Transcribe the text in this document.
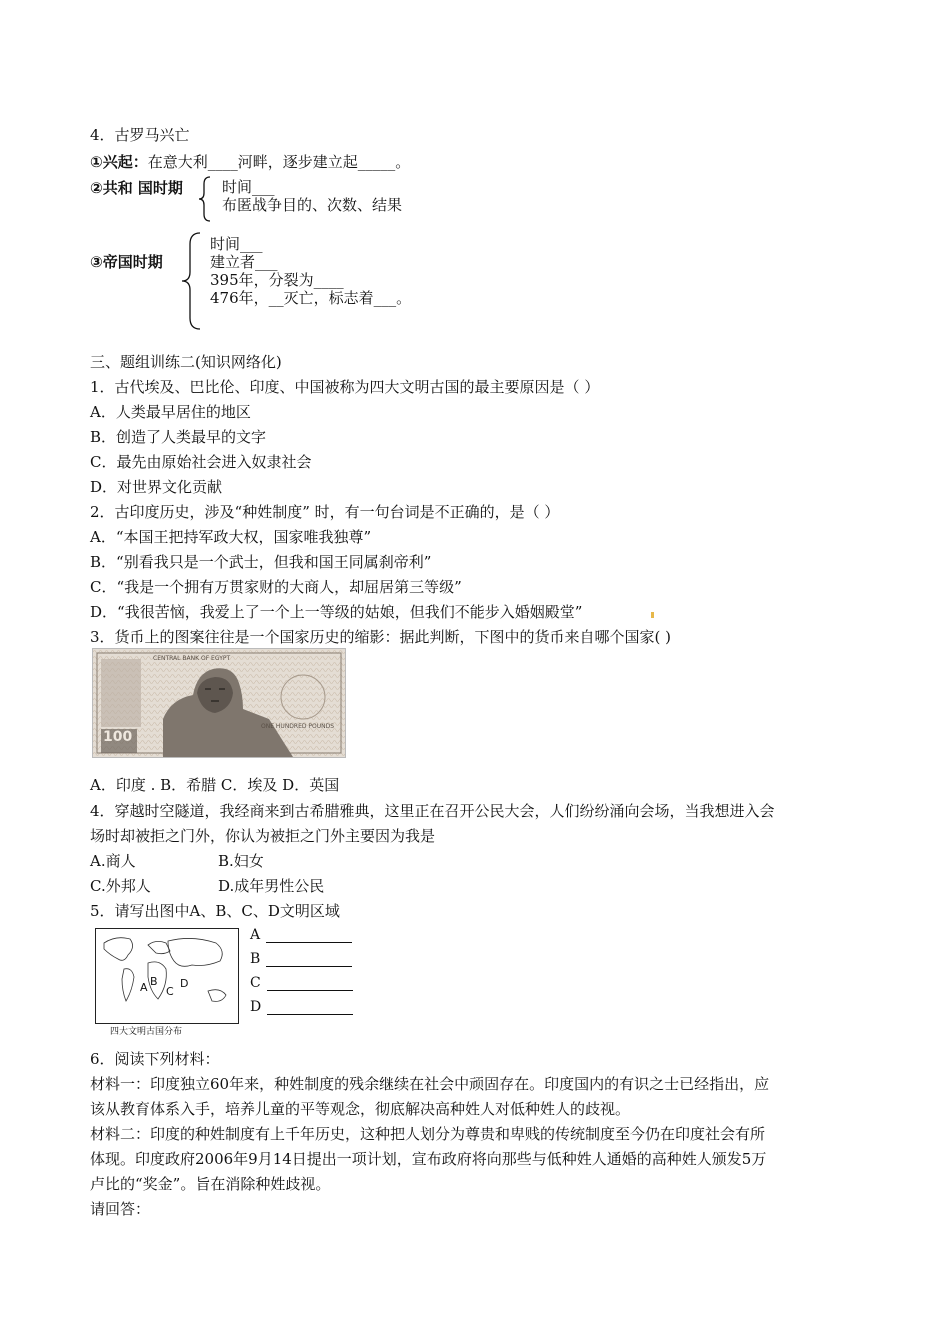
4．古罗马兴亡
①兴起：在意大利____河畔，逐步建立起_____。
②共和 国时期	时间___
布匿战争目的、次数、结果
③帝国时期
时间___
建立者___
395年，分裂为____
476年，__灭亡，标志着___。
三、题组训练二(知识网络化)
1．古代埃及、巴比伦、印度、中国被称为四大文明古国的最主要原因是（ ）
A．人类最早居住的地区
B．创造了人类最早的文字
C．最先由原始社会进入奴隶社会
D．对世界文化贡献
2．古印度历史，涉及“种姓制度” 时，有一句台词是不正确的，是（ ）
A．“本国王把持军政大权，国家唯我独尊”
B．“别看我只是一个武士，但我和国王同属刹帝利”
C．“我是一个拥有万贯家财的大商人，却屈居第三等级”
D．“我很苦恼，我爱上了一个上一等级的姑娘，但我们不能步入婚姻殿堂”
3．货币上的图案往往是一个国家历史的缩影：据此判断，下图中的货币来自哪个国家( )
CENTRAL BANK OF EGYPT
ONE HUNDRED POUNDS
100
A．印度 . B．希腊 C．埃及 D．英国
4．穿越时空隧道，我经商来到古希腊雅典，这里正在召开公民大会，人们纷纷涌向会场，当我想进入会
场时却被拒之门外，你认为被拒之门外主要因为我是
A.商人	B.妇女
C.外邦人	D.成年男性公民
5．请写出图中A、B、C、D文明区域
A B
C
D
四大文明古国分布
A
B
C
D
6．阅读下列材料：
材料一：印度独立60年来，种姓制度的残余继续在社会中顽固存在。印度国内的有识之士已经指出，应
该从教育体系入手，培养儿童的平等观念，彻底解决高种姓人对低种姓人的歧视。
材料二：印度的种姓制度有上千年历史，这种把人划分为尊贵和卑贱的传统制度至今仍在印度社会有所
体现。印度政府2006年9月14日提出一项计划，宣布政府将向那些与低种姓人通婚的高种姓人颁发5万
卢比的“奖金”。旨在消除种姓歧视。
请回答：
